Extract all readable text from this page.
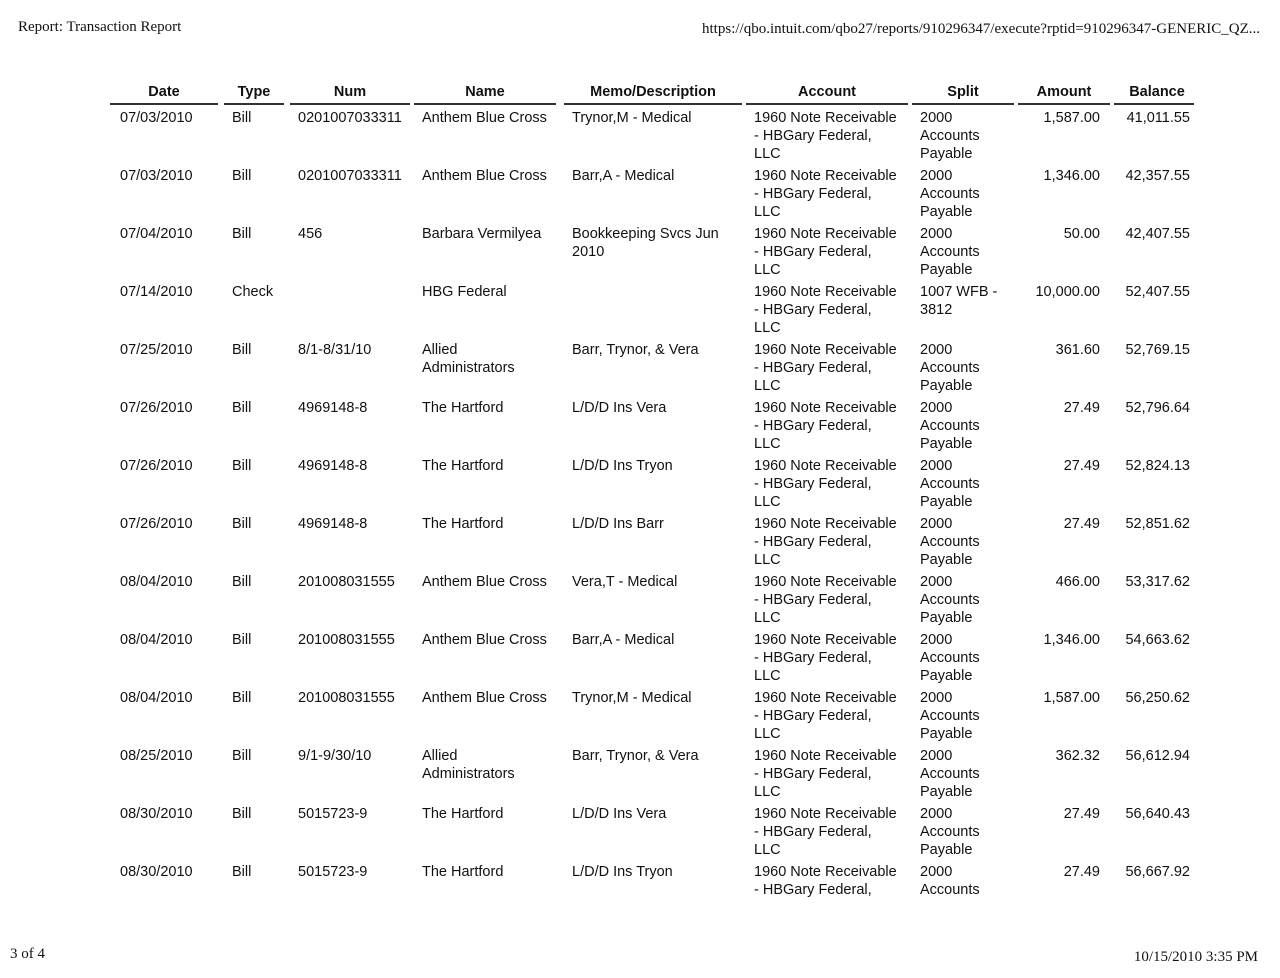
Report: Transaction Report	https://qbo.intuit.com/qbo27/reports/910296347/execute?rptid=910296347-GENERIC_QZ...
Date		Type		Num		Name		Memo/Description		Account		Split		Amount		Balance
07/03/2010		Bill		0201007033311		Anthem Blue Cross		Trynor,M - Medical		1960 Note Receivable - HBGary Federal, LLC		2000 Accounts Payable		1,587.00		41,011.55
07/03/2010		Bill		0201007033311		Anthem Blue Cross		Barr,A - Medical		1960 Note Receivable - HBGary Federal, LLC		2000 Accounts Payable		1,346.00		42,357.55
07/04/2010		Bill		456		Barbara Vermilyea		Bookkeeping Svcs Jun 2010		1960 Note Receivable - HBGary Federal, LLC		2000 Accounts Payable		50.00		42,407.55
07/14/2010		Check				HBG Federal				1960 Note Receivable - HBGary Federal, LLC		1007 WFB - 3812		10,000.00		52,407.55
07/25/2010		Bill		8/1-8/31/10		Allied Administrators		Barr, Trynor, & Vera		1960 Note Receivable - HBGary Federal, LLC		2000 Accounts Payable		361.60		52,769.15
07/26/2010		Bill		4969148-8		The Hartford		L/D/D Ins Vera		1960 Note Receivable - HBGary Federal, LLC		2000 Accounts Payable		27.49		52,796.64
07/26/2010		Bill		4969148-8		The Hartford		L/D/D Ins Tryon		1960 Note Receivable - HBGary Federal, LLC		2000 Accounts Payable		27.49		52,824.13
07/26/2010		Bill		4969148-8		The Hartford		L/D/D Ins Barr		1960 Note Receivable - HBGary Federal, LLC		2000 Accounts Payable		27.49		52,851.62
08/04/2010		Bill		201008031555		Anthem Blue Cross		Vera,T - Medical		1960 Note Receivable - HBGary Federal, LLC		2000 Accounts Payable		466.00		53,317.62
08/04/2010		Bill		201008031555		Anthem Blue Cross		Barr,A - Medical		1960 Note Receivable - HBGary Federal, LLC		2000 Accounts Payable		1,346.00		54,663.62
08/04/2010		Bill		201008031555		Anthem Blue Cross		Trynor,M - Medical		1960 Note Receivable - HBGary Federal, LLC		2000 Accounts Payable		1,587.00		56,250.62
08/25/2010		Bill		9/1-9/30/10		Allied Administrators		Barr, Trynor, & Vera		1960 Note Receivable - HBGary Federal, LLC		2000 Accounts Payable		362.32		56,612.94
08/30/2010		Bill		5015723-9		The Hartford		L/D/D Ins Vera		1960 Note Receivable - HBGary Federal, LLC		2000 Accounts Payable		27.49		56,640.43
08/30/2010		Bill		5015723-9		The Hartford		L/D/D Ins Tryon		1960 Note Receivable - HBGary Federal,		2000 Accounts		27.49		56,667.92
3 of 4	10/15/2010 3:35 PM
